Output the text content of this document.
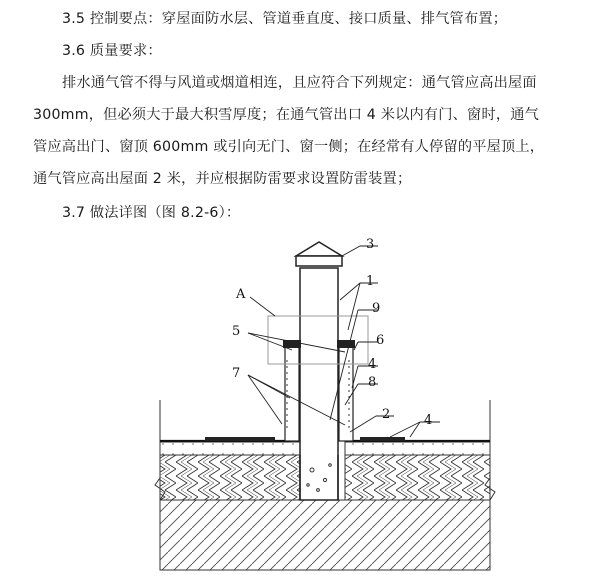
3.5 控制要点：穿屋面防水层、管道垂直度、接口质量、排气管布置；
3.6 质量要求：
排水通气管不得与风道或烟道相连，且应符合下列规定：通气管应高出屋面
300mm，但必须大于最大积雪厚度；在通气管出口 4 米以内有门、窗时，通气
管应高出门、窗顶 600mm 或引向无门、窗一侧；在经常有人停留的平屋顶上，
通气管应高出屋面 2 米，并应根据防雷要求设置防雷装置；
3.7 做法详图（图 8.2-6）：
3
1
A
9
5
6
4
7
8
2	4
